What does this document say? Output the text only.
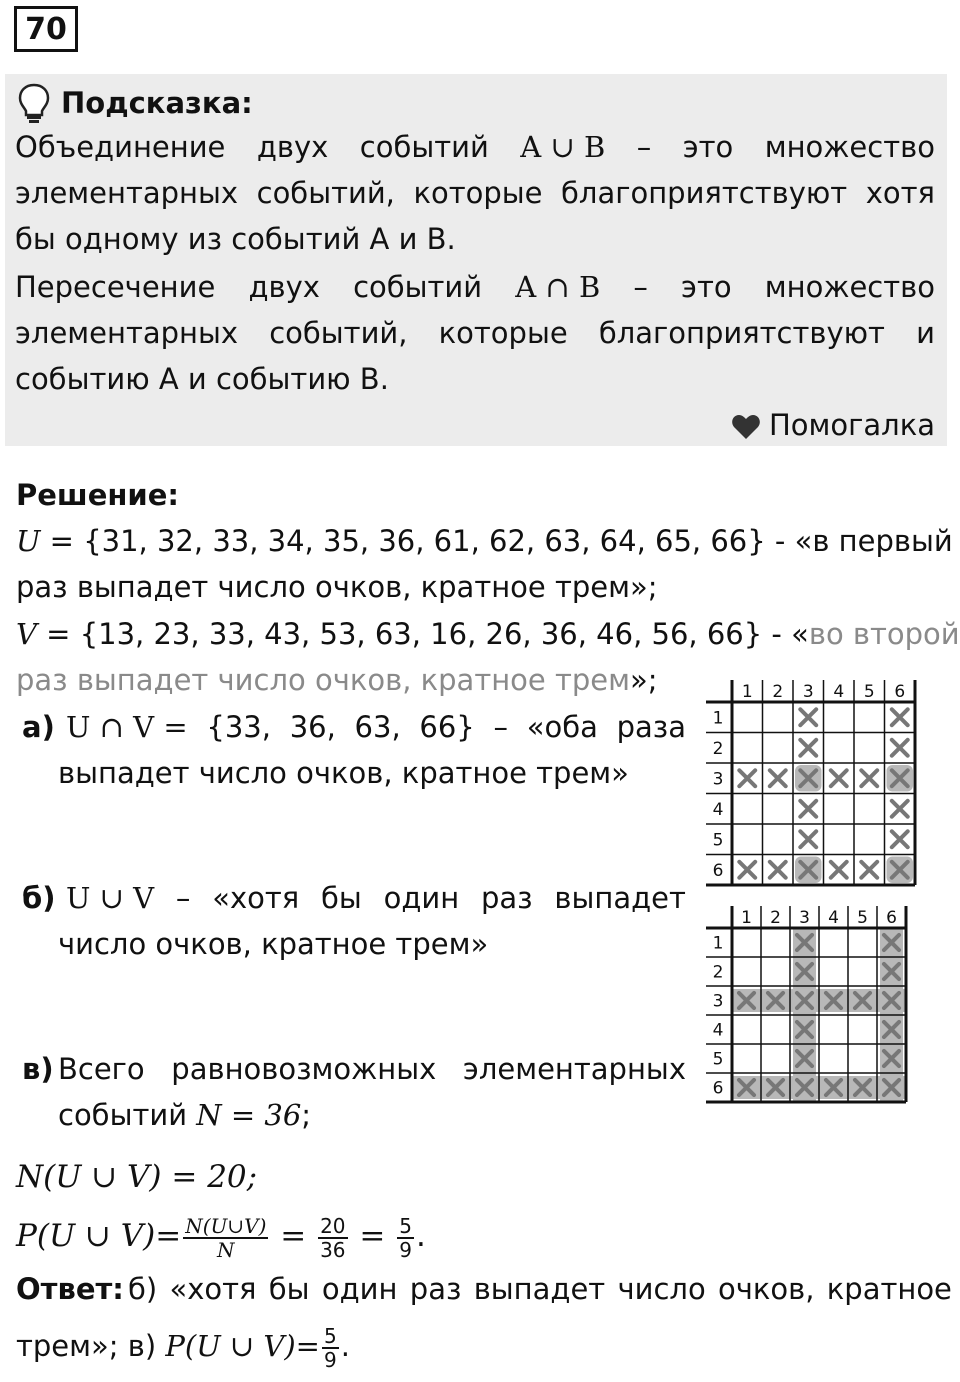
70
Подсказка:
Объединение двух событий A ∪ B – это множество
элементарных событий, которые благоприятствуют хотя
бы одному из событий A и B.
Пересечение двух событий A ∩ B – это множество
элементарных событий, которые благоприятствуют и
событию A и событию B.
Помогалка
Решение:
U = {31, 32, 33, 34, 35, 36, 61, 62, 63, 64, 65, 66} - «в первый
раз выпадет число очков, кратное трем»;
V = {13, 23, 33, 43, 53, 63, 16, 26, 36, 46, 56, 66} - «во второй
раз выпадет число очков, кратное трем»;
а) U ∩ V = {33, 36, 63, 66} – «оба раза
выпадет число очков, кратное трем»
б) U ∪ V – «хотя бы один раз выпадет
число очков, кратное трем»
в) Всего равновозможных элементарных
событий N = 36;
N(U ∪ V) = 20;
P(U ∪ $V)= \frac{N(U\cup V)}{N} = \frac{20}{36} = \frac{5}{9}$ .
Ответ: б) «хотя бы один раз выпадет число очков, кратное
трем»; в) P(U ∪ $V)= \frac{5}{9}$ .
1 2 3 4 5 6
1
2
3
4
5
6
1 2 3 4 5 6
1
2
3
4
5
6
